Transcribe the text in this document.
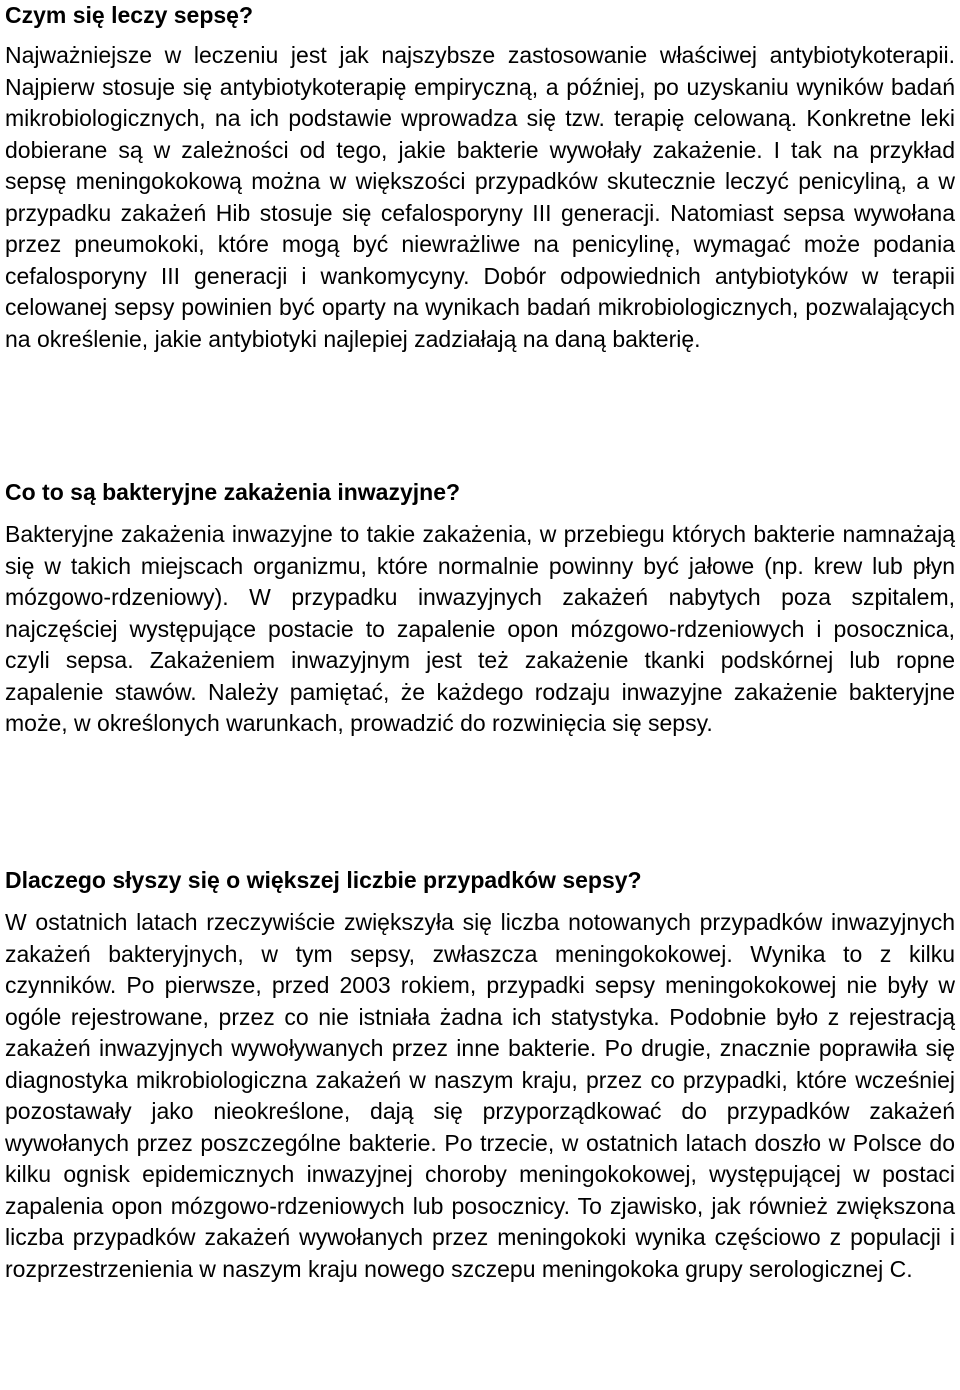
Czym się leczy sepsę?

Najważniejsze w leczeniu jest jak najszybsze zastosowanie właściwej antybiotykoterapii. Najpierw stosuje się antybiotykoterapię empiryczną, a później, po uzyskaniu wyników badań mikrobiologicznych, na ich podstawie wprowadza się tzw. terapię celowaną. Konkretne leki dobierane są w zależności od tego, jakie bakterie wywołały zakażenie. I tak na przykład sepsę meningokokową można w większości przypadków skutecznie leczyć penicyliną, a w przypadku zakażeń Hib stosuje się cefalosporyny III generacji. Natomiast sepsa wywołana przez pneumokoki, które mogą być niewrażliwe na penicylinę, wymagać może podania cefalosporyny III generacji i wankomycyny. Dobór odpowiednich antybiotyków w terapii celowanej sepsy powinien być oparty na wynikach badań mikrobiologicznych, pozwalających na określenie, jakie antybiotyki najlepiej zadziałają na daną bakterię.

Co to są bakteryjne zakażenia inwazyjne?

Bakteryjne zakażenia inwazyjne to takie zakażenia, w przebiegu których bakterie namnażają się w takich miejscach organizmu, które normalnie powinny być jałowe (np. krew lub płyn mózgowo-rdzeniowy). W przypadku inwazyjnych zakażeń nabytych poza szpitalem, najczęściej występujące postacie to zapalenie opon mózgowo-rdzeniowych i posocznica, czyli sepsa. Zakażeniem inwazyjnym jest też zakażenie tkanki podskórnej lub ropne zapalenie stawów. Należy pamiętać, że każdego rodzaju inwazyjne zakażenie bakteryjne może, w określonych warunkach, prowadzić do rozwinięcia się sepsy.

Dlaczego słyszy się o większej liczbie przypadków sepsy?

W ostatnich latach rzeczywiście zwiększyła się liczba notowanych przypadków inwazyjnych zakażeń bakteryjnych, w tym sepsy, zwłaszcza meningokokowej. Wynika to z kilku czynników. Po pierwsze, przed 2003 rokiem, przypadki sepsy meningokokowej nie były w ogóle rejestrowane, przez co nie istniała żadna ich statystyka. Podobnie było z rejestracją zakażeń inwazyjnych wywoływanych przez inne bakterie. Po drugie, znacznie poprawiła się diagnostyka mikrobiologiczna zakażeń w naszym kraju, przez co przypadki, które wcześniej pozostawały jako nieokreślone, dają się przyporządkować do przypadków zakażeń wywołanych przez poszczególne bakterie. Po trzecie, w ostatnich latach doszło w Polsce do kilku ognisk epidemicznych inwazyjnej choroby meningokokowej, występującej w postaci zapalenia opon mózgowo-rdzeniowych lub posocznicy. To zjawisko, jak również zwiększona liczba przypadków zakażeń wywołanych przez meningokoki wynika częściowo z populacji i rozprzestrzenienia w naszym kraju nowego szczepu meningokoka grupy serologicznej C.
